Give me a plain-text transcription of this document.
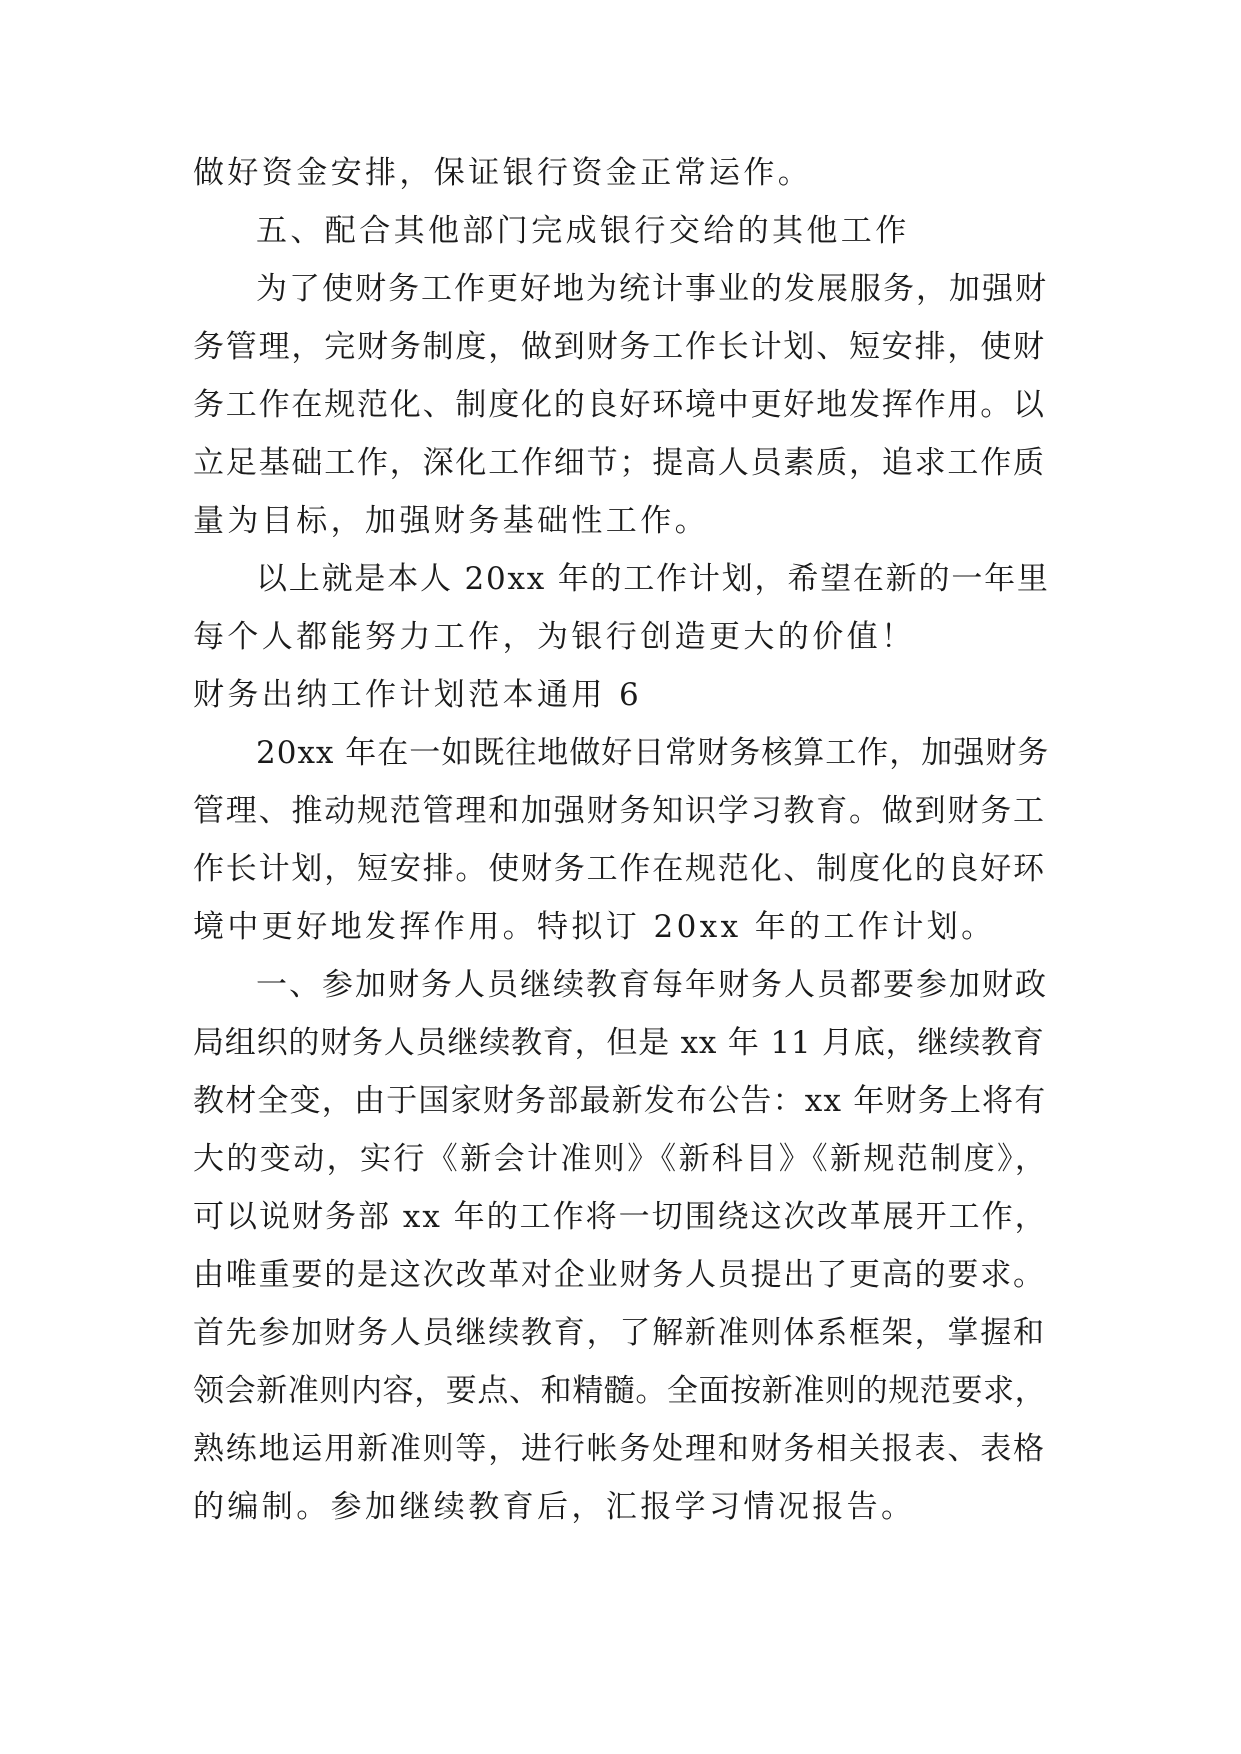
做好资金安排，保证银行资金正常运作。
五、配合其他部门完成银行交给的其他工作
为了使财务工作更好地为统计事业的发展服务，加强财
务管理，完财务制度，做到财务工作长计划、短安排，使财
务工作在规范化、制度化的良好环境中更好地发挥作用。以
立足基础工作，深化工作细节；提高人员素质，追求工作质
量为目标，加强财务基础性工作。
以上就是本人 20xx 年的工作计划，希望在新的一年里
每个人都能努力工作，为银行创造更大的价值！
财务出纳工作计划范本通用 6
20xx 年在一如既往地做好日常财务核算工作，加强财务
管理、推动规范管理和加强财务知识学习教育。做到财务工
作长计划，短安排。使财务工作在规范化、制度化的良好环
境中更好地发挥作用。特拟订 20xx 年的工作计划。
一、参加财务人员继续教育每年财务人员都要参加财政
局组织的财务人员继续教育，但是 xx 年 11 月底，继续教育
教材全变，由于国家财务部最新发布公告：xx 年财务上将有
大的变动，实行《新会计准则》《新科目》《新规范制度》，
可以说财务部 xx 年的工作将一切围绕这次改革展开工作，
由唯重要的是这次改革对企业财务人员提出了更高的要求。
首先参加财务人员继续教育，了解新准则体系框架，掌握和
领会新准则内容，要点、和精髓。全面按新准则的规范要求，
熟练地运用新准则等，进行帐务处理和财务相关报表、表格
的编制。参加继续教育后，汇报学习情况报告。
